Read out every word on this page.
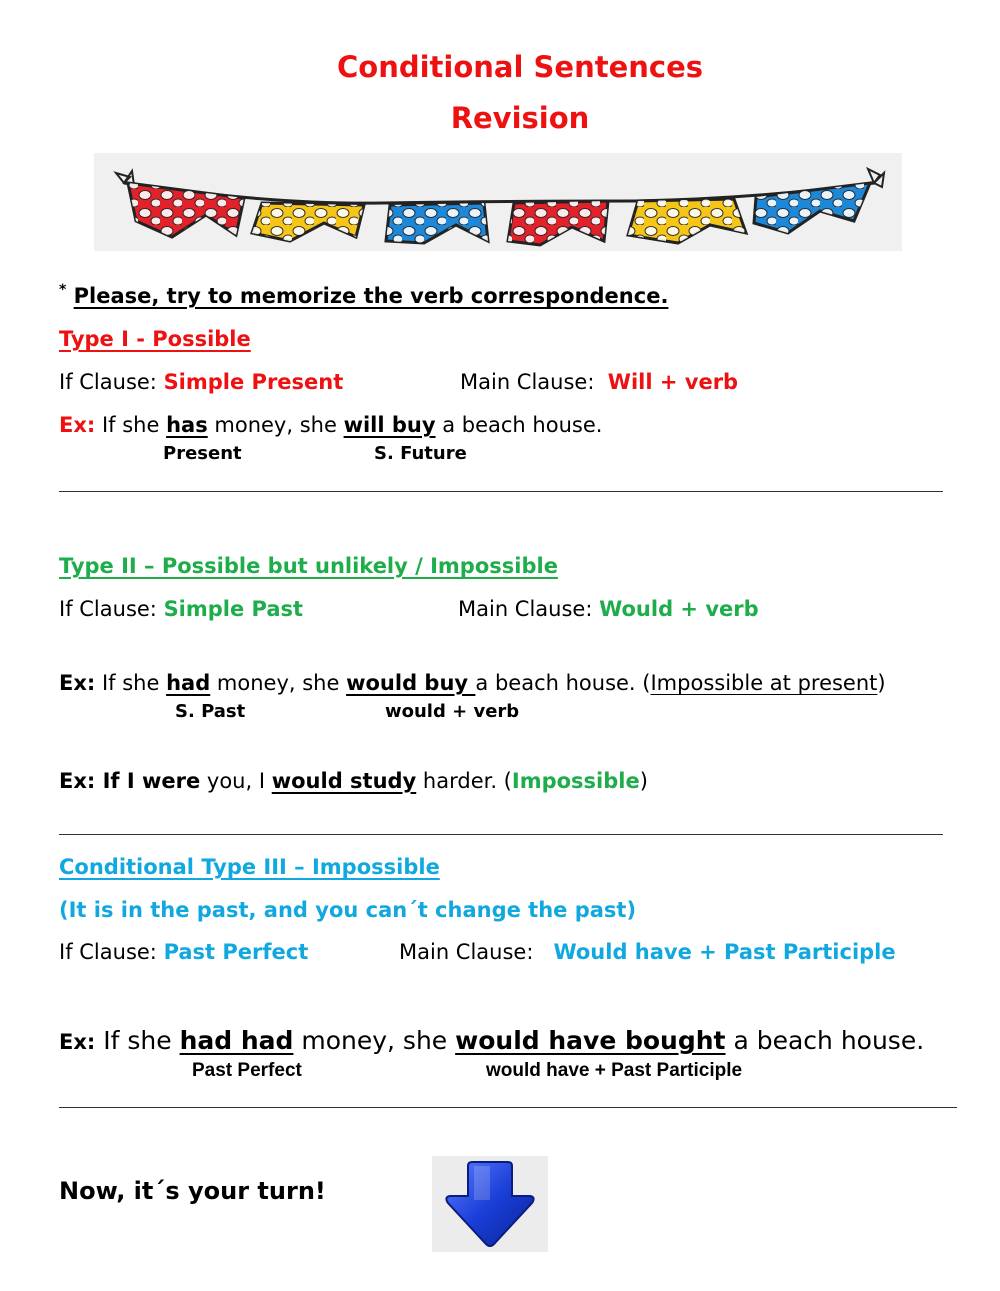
Conditional Sentences
Revision
* Please, try to memorize the verb correspondence.
Type I - Possible
If Clause: Simple Present	Main Clause:  Will + verb
Ex: If she has money, she will buy a beach house.
Present	S. Future
Type II – Possible but unlikely / Impossible
If Clause: Simple Past	Main Clause: Would + verb
Ex: If she had money, she would buy a beach house. (Impossible at present)
S. Past	would + verb
Ex: If I were you, I would study harder. (Impossible)
Conditional Type III – Impossible
(It is in the past, and you can´t change the past)
If Clause: Past Perfect	Main Clause:   Would have + Past Participle
Ex: If she had had money, she would have bought a beach house.
Past Perfect	would have + Past Participle
Now, it´s your turn!
